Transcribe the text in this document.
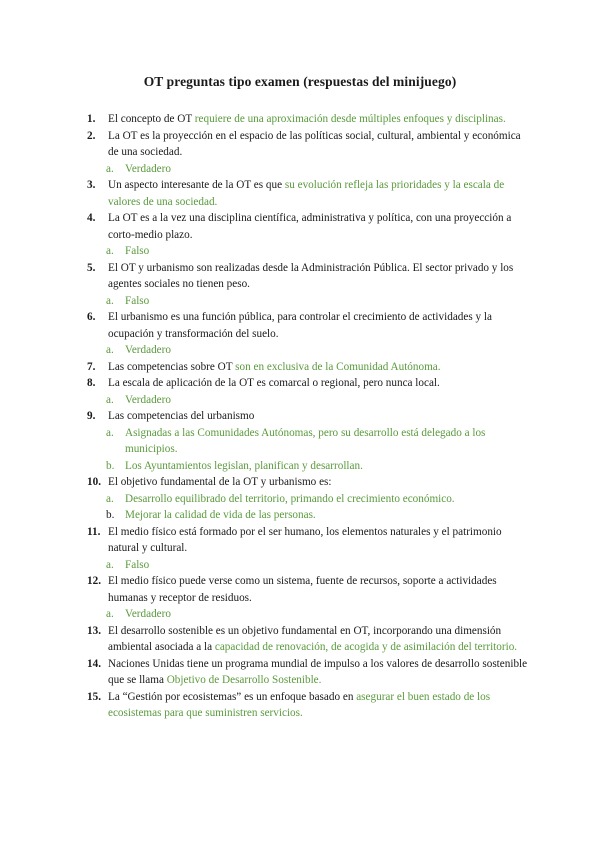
OT preguntas tipo examen (respuestas del minijuego)
1. El concepto de OT requiere de una aproximación desde múltiples enfoques y disciplinas.
2. La OT es la proyección en el espacio de las políticas social, cultural, ambiental y económica de una sociedad.
a. Verdadero
3. Un aspecto interesante de la OT es que su evolución refleja las prioridades y la escala de valores de una sociedad.
4. La OT es a la vez una disciplina científica, administrativa y política, con una proyección a corto-medio plazo.
a. Falso
5. El OT y urbanismo son realizadas desde la Administración Pública. El sector privado y los agentes sociales no tienen peso.
a. Falso
6. El urbanismo es una función pública, para controlar el crecimiento de actividades y la ocupación y transformación del suelo.
a. Verdadero
7. Las competencias sobre OT son en exclusiva de la Comunidad Autónoma.
8. La escala de aplicación de la OT es comarcal o regional, pero nunca local.
a. Verdadero
9. Las competencias del urbanismo
a. Asignadas a las Comunidades Autónomas, pero su desarrollo está delegado a los municipios.
b. Los Ayuntamientos legislan, planifican y desarrollan.
10. El objetivo fundamental de la OT y urbanismo es:
a. Desarrollo equilibrado del territorio, primando el crecimiento económico.
b. Mejorar la calidad de vida de las personas.
11. El medio físico está formado por el ser humano, los elementos naturales y el patrimonio natural y cultural.
a. Falso
12. El medio físico puede verse como un sistema, fuente de recursos, soporte a actividades humanas y receptor de residuos.
a. Verdadero
13. El desarrollo sostenible es un objetivo fundamental en OT, incorporando una dimensión ambiental asociada a la capacidad de renovación, de acogida y de asimilación del territorio.
14. Naciones Unidas tiene un programa mundial de impulso a los valores de desarrollo sostenible que se llama Objetivo de Desarrollo Sostenible.
15. La “Gestión por ecosistemas” es un enfoque basado en asegurar el buen estado de los ecosistemas para que suministren servicios.
